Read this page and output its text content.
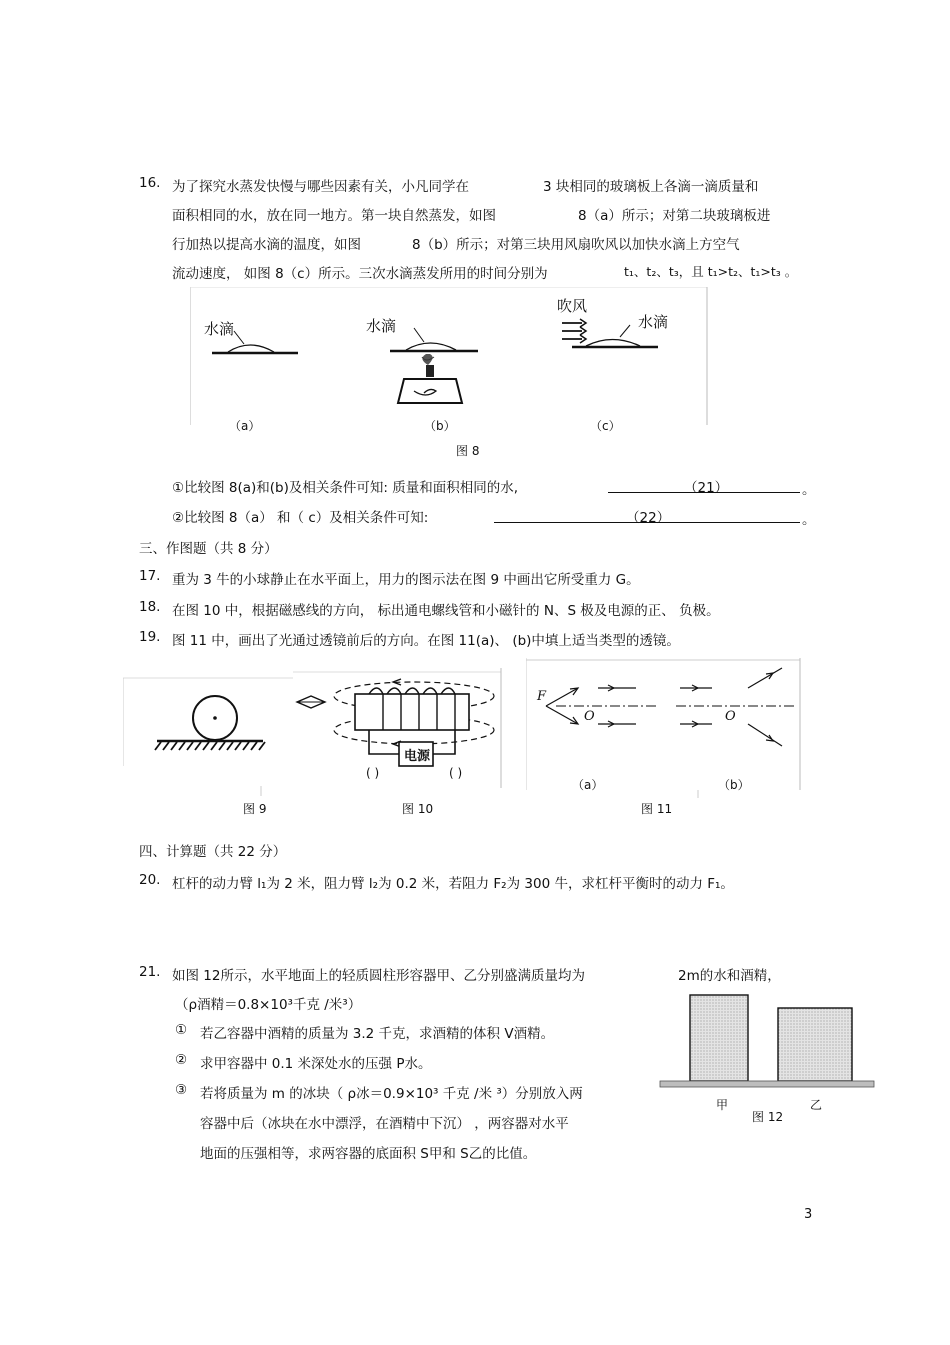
16. 为了探究水蒸发快慢与哪些因素有关，小凡同学在	3 块相同的玻璃板上各滴一滴质量和
面积相同的水，放在同一地方。第一块自然蒸发，如图	8（a）所示；对第二块玻璃板进
行加热以提高水滴的温度，如图	8（b）所示；对第三块用风扇吹风以加快水滴上方空气
流动速度， 如图 8（c）所示。三次水滴蒸发所用的时间分别为	t₁、t₂、t₃，且 t₁>t₂、t₁>t₃ 。
水滴	水滴
吹风
水滴
（a）	（b）	（c）
图 8
①比较图 8(a)和(b)及相关条件可知: 质量和面积相同的水,	（21）	。
②比较图 8（a） 和（ c）及相关条件可知:	（22）	。
三、作图题（共 8 分）
17. 重为 3 牛的小球静止在水平面上，用力的图示法在图 9 中画出它所受重力 G。
18. 在图 10 中，根据磁感线的方向， 标出通电螺线管和小磁针的 N、S 极及电源的正、 负极。
19. 图 11 中，画出了光通过透镜前后的方向。在图 11(a)、 (b)中填上适当类型的透镜。
图 9
电源
( )	( )
图 10
F
O	O
（a）	（b）
图 11
四、计算题（共 22 分）
20. 杠杆的动力臂 l₁为 2 米，阻力臂 l₂为 0.2 米，若阻力 F₂为 300 牛，求杠杆平衡时的动力 F₁。
21. 如图 12所示，水平地面上的轻质圆柱形容器甲、乙分别盛满质量均为	2m的水和酒精，
（ρ酒精＝0.8×10³千克 /米³）
① 若乙容器中酒精的质量为 3.2 千克，求酒精的体积 V酒精。
② 求甲容器中 0.1 米深处水的压强 P水。
③ 若将质量为 m 的冰块（ ρ冰＝0.9×10³ 千克 /米 ³）分别放入两
容器中后（冰块在水中漂浮，在酒精中下沉） ，两容器对水平
地面的压强相等，求两容器的底面积 S甲和 S乙的比值。
甲	乙
图 12
3
